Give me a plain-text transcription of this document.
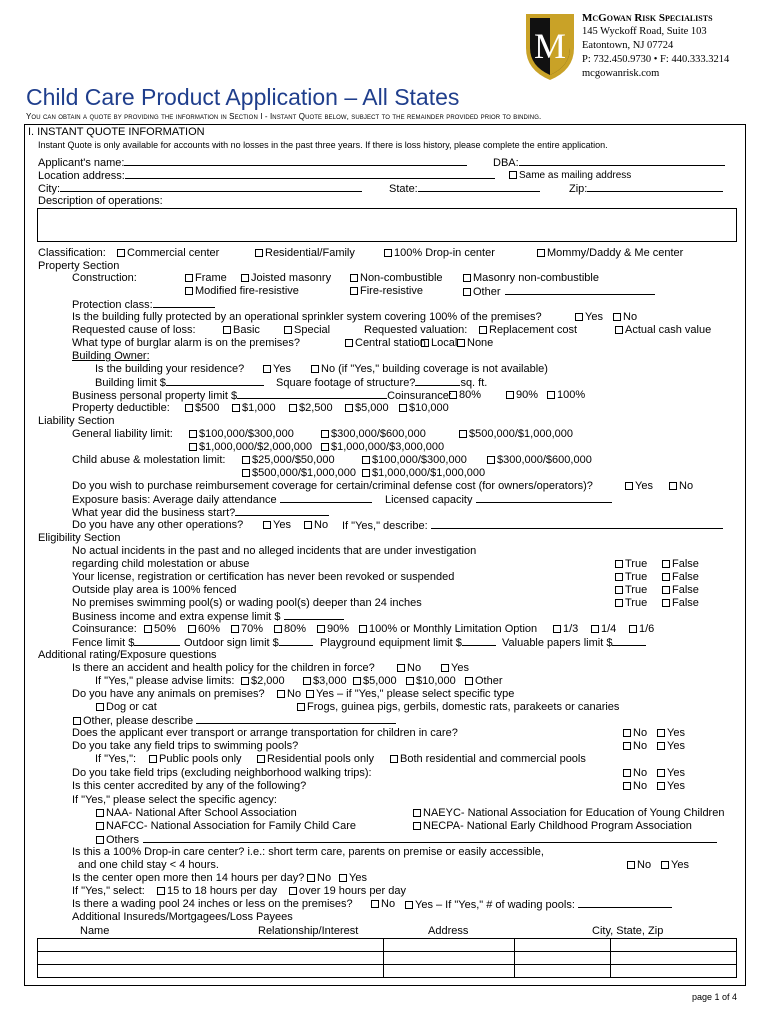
M
McGowan Risk Specialists
145 Wyckoff Road, Suite 103
Eatontown, NJ 07724
P: 732.450.9730 • F: 440.333.3214
mcgowanrisk.com
Child Care Product Application – All States
You can obtain a quote by providing the information in Section I - Instant Quote below, subject to the remainder provided prior to binding.
I. INSTANT QUOTE INFORMATION
Instant Quote is only available for accounts with no losses in the past three years. If there is loss history, please complete the entire application.
Applicant's name:	DBA:
Location address:	Same as mailing address
City:	State:	Zip:
Description of operations:
Classification:	Commercial center	Residential/Family	100% Drop-in center	Mommy/Daddy & Me center
Property Section
Construction:	Frame	Joisted masonry	Non-combustible	Masonry non-combustible
Modified fire-resistive	Fire-resistive	Other
Protection class:
Is the building fully protected by an operational sprinkler system covering 100% of the premises?	Yes	No
Requested cause of loss:	Basic	Special	Requested valuation:	Replacement cost	Actual cash value
What type of burglar alarm is on the premises?	Central station Local None
Building Owner:
Is the building your residence?	Yes	No (if "Yes," building coverage is not available)
Building limit $	Square footage of structure?	sq. ft.
Business personal property limit $	Coinsurance: 80%	90%	100%
Property deductible:	$500	$1,000	$2,500	$5,000	$10,000
Liability Section
General liability limit:	$100,000/$300,000	$300,000/$600,000	$500,000/$1,000,000
$1,000,000/$2,000,000	$1,000,000/$3,000,000
Child abuse & molestation limit:	$25,000/$50,000	$100,000/$300,000	$300,000/$600,000
$500,000/$1,000,000	$1,000,000/$1,000,000
Do you wish to purchase reimbursement coverage for certain/criminal defense cost (for owners/operators)?	Yes	No
Exposure basis: Average daily attendance	Licensed capacity
What year did the business start?
Do you have any other operations?	Yes	No If "Yes," describe:
Eligibility Section
No actual incidents in the past and no alleged incidents that are under investigation
regarding child molestation or abuse	True	False
Your license, registration or certification has never been revoked or suspended	True	False
Outside play area is 100% fenced	True	False
No premises swimming pool(s) or wading pool(s) deeper than 24 inches	True	False
Business income and extra expense limit $
Coinsurance:	50%	60%	70%	80%	90%	100% or Monthly Limitation Option	1/3	1/4	1/6
Fence limit $	Outdoor sign limit $	Playground equipment limit $	Valuable papers limit $
Additional rating/Exposure questions
Is there an accident and health policy for the children in force?	No	Yes
If "Yes," please advise limits:	$2,000	$3,000	$5,000	$10,000	Other
Do you have any animals on premises?	No	Yes – if "Yes," please select specific type
Dog or cat	Frogs, guinea pigs, gerbils, domestic rats, parakeets or canaries
Other, please describe
Does the applicant ever transport or arrange transportation for children in care?	No	Yes
Do you take any field trips to swimming pools?	No	Yes
If "Yes,":	Public pools only	Residential pools only	Both residential and commercial pools
Do you take field trips (excluding neighborhood walking trips):	No	Yes
Is this center accredited by any of the following?	No	Yes
If "Yes," please select the specific agency:
NAA- National After School Association	NAEYC- National Association for Education of Young Children
NAFCC- National Association for Family Child Care	NECPA- National Early Childhood Program Association
Others
Is this a 100% Drop-in care center? i.e.: short term care, parents on premise or easily accessible,
and one child stay < 4 hours.	No	Yes
Is the center open more then 14 hours per day?	No	Yes
If "Yes," select:	15 to 18 hours per day	over 19 hours per day
Is there a wading pool 24 inches or less on the premises?	No	Yes – If "Yes," # of wading pools:
Additional Insureds/Mortgagees/Loss Payees
Name	Relationship/Interest	Address	City, State, Zip

page 1 of 4
